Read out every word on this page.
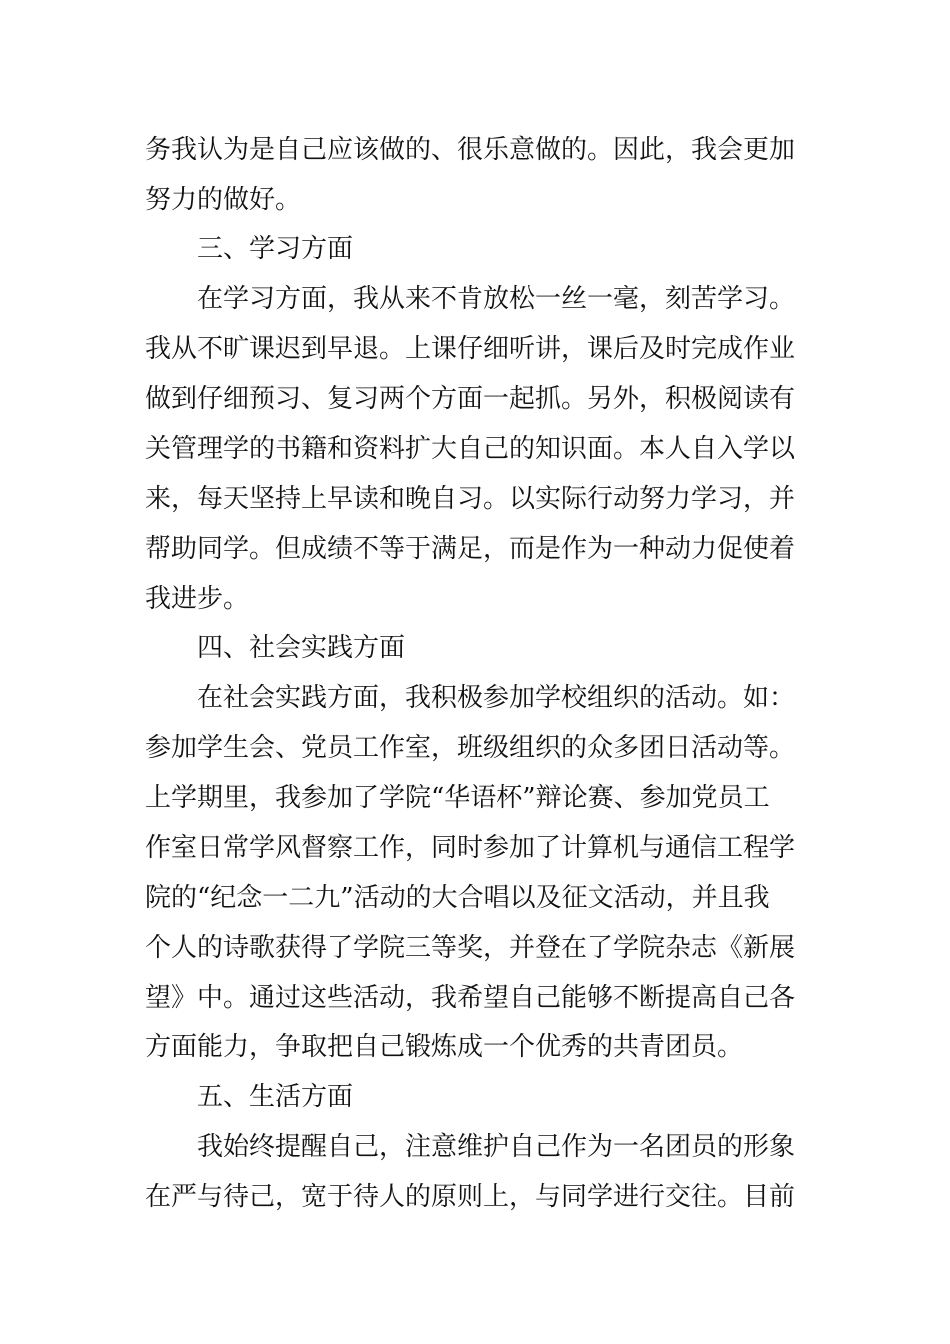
务我认为是自己应该做的、很乐意做的。因此，我会更加
努力的做好。
三、学习方面
在学习方面，我从来不肯放松一丝一毫，刻苦学习。
我从不旷课迟到早退。上课仔细听讲，课后及时完成作业
做到仔细预习、复习两个方面一起抓。另外，积极阅读有
关管理学的书籍和资料扩大自己的知识面。本人自入学以
来，每天坚持上早读和晚自习。以实际行动努力学习，并
帮助同学。但成绩不等于满足，而是作为一种动力促使着
我进步。
四、社会实践方面
在社会实践方面，我积极参加学校组织的活动。如：
参加学生会、党员工作室，班级组织的众多团日活动等。
上学期里，我参加了学院“华语杯”辩论赛、参加党员工
作室日常学风督察工作，同时参加了计算机与通信工程学
院的“纪念一二九”活动的大合唱以及征文活动，并且我
个人的诗歌获得了学院三等奖，并登在了学院杂志《新展
望》中。通过这些活动，我希望自己能够不断提高自己各
方面能力，争取把自己锻炼成一个优秀的共青团员。
五、生活方面
我始终提醒自己，注意维护自己作为一名团员的形象
在严与待己，宽于待人的原则上，与同学进行交往。目前
